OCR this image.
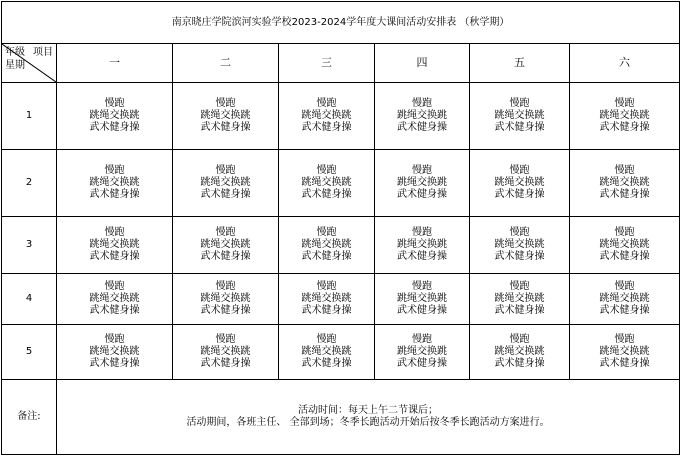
南京晓庄学院滨河实验学校2023-2024学年度大课间活动安排表 （秋学期）						

项目
年级
星期	一	二	三	四	五	六
1	慢跑
跳绳交换跳
武术健身操	慢跑
跳绳交换跳
武术健身操	慢跑
跳绳交换跳
武术健身操	慢跑
跳绳交换跳
武术健身操	慢跑
跳绳交换跳
武术健身操	慢跑
跳绳交换跳
武术健身操

2	慢跑
跳绳交换跳
武术健身操	慢跑
跳绳交换跳
武术健身操	慢跑
跳绳交换跳
武术健身操	慢跑
跳绳交换跳
武术健身操	慢跑
跳绳交换跳
武术健身操	慢跑
跳绳交换跳
武术健身操

3	慢跑
跳绳交换跳
武术健身操	慢跑
跳绳交换跳
武术健身操	慢跑
跳绳交换跳
武术健身操	慢跑
跳绳交换跳
武术健身操	慢跑
跳绳交换跳
武术健身操	慢跑
跳绳交换跳
武术健身操

4	慢跑
跳绳交换跳
武术健身操	慢跑
跳绳交换跳
武术健身操	慢跑
跳绳交换跳
武术健身操	慢跑
跳绳交换跳
武术健身操	慢跑
跳绳交换跳
武术健身操	慢跑
跳绳交换跳
武术健身操

5	慢跑
跳绳交换跳
武术健身操	慢跑
跳绳交换跳
武术健身操	慢跑
跳绳交换跳
武术健身操	慢跑
跳绳交换跳
武术健身操	慢跑
跳绳交换跳
武术健身操	慢跑
跳绳交换跳
武术健身操

备注:	活动时间：每天上午二节课后；
活动期间，各班主任、 全部到场；冬季长跑活动开始后按冬季长跑活动方案进行。					
